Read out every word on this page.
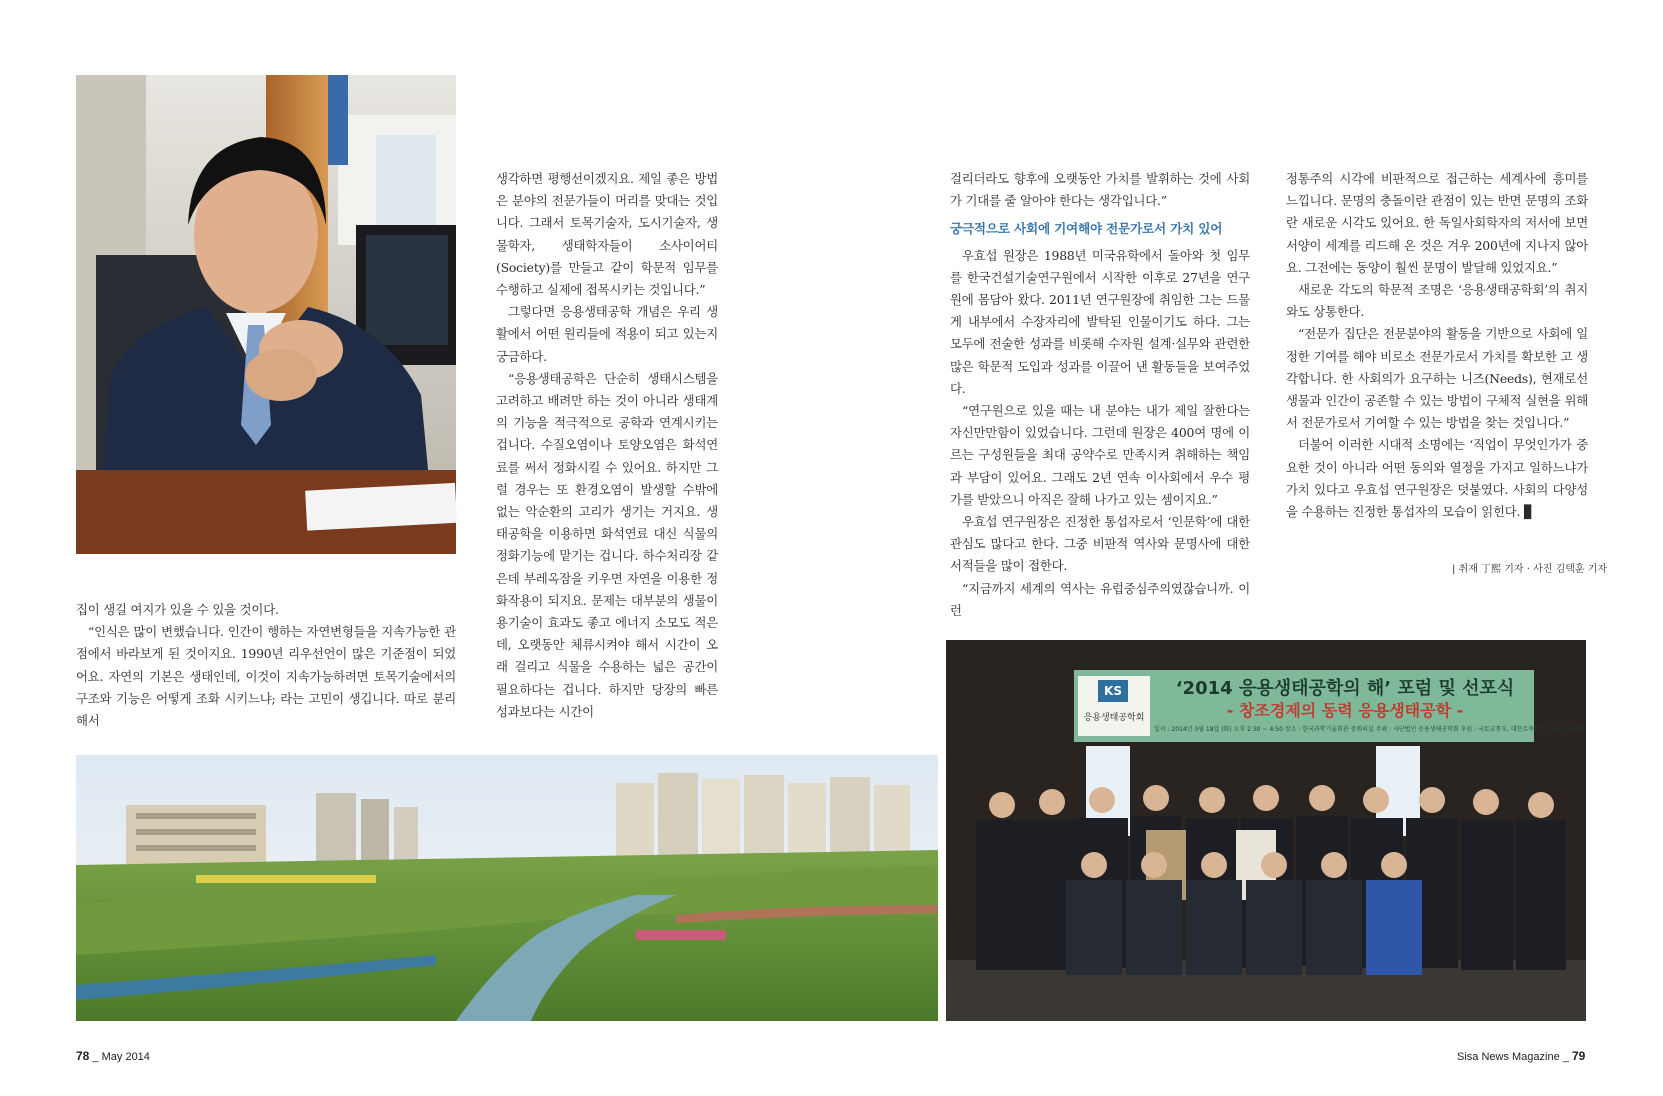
집이 생길 여지가 있을 수 있을 것이다.

“인식은 많이 변했습니다. 인간이 행하는 자연변형들을 지속가능한 관점에서 바라보게 된 것이지요. 1990년 리우선언이 많은 기준점이 되었어요. 자연의 기본은 생태인데, 이것이 지속가능하려면 토목기술에서의 구조와 기능은 어떻게 조화 시키느냐; 라는 고민이 생깁니다. 따로 분리해서

생각하면 평행선이겠지요. 제일 좋은 방법은 분야의 전문가들이 머리를 맞대는 것입니다. 그래서 토목기술자, 도시기술자, 생물학자, 생태학자들이 소사이어티(Society)를 만들고 같이 학문적 임무를 수행하고 실제에 접목시키는 것입니다.”

그렇다면 응용생태공학 개념은 우리 생활에서 어떤 원리들에 적용이 되고 있는지 궁금하다.

“응용생태공학은 단순히 생태시스템을 고려하고 배려만 하는 것이 아니라 생태계의 기능을 적극적으로 공학과 연계시키는 겁니다. 수질오염이나 토양오염은 화석연료를 써서 정화시킬 수 있어요. 하지만 그럴 경우는 또 환경오염이 발생할 수밖에 없는 악순환의 고리가 생기는 거지요. 생태공학을 이용하면 화석연료 대신 식물의 정화기능에 맡기는 겁니다. 하수처리장 같은데 부레옥잠을 키우면 자연을 이용한 정화작용이 되지요. 문제는 대부분의 생물이용기술이 효과도 좋고 에너지 소모도 적은데, 오랫동안 체류시켜야 해서 시간이 오래 걸리고 식물을 수용하는 넓은 공간이 필요하다는 겁니다. 하지만 당장의 빠른 성과보다는 시간이

걸리더라도 향후에 오랫동안 가치를 발휘하는 것에 사회가 기대를 줄 알아야 한다는 생각입니다.”

궁극적으로 사회에 기여해야 전문가로서 가치 있어

우효섭 원장은 1988년 미국유학에서 돌아와 첫 임무를 한국건설기술연구원에서 시작한 이후로 27년을 연구원에 몸담아 왔다. 2011년 연구원장에 취임한 그는 드물게 내부에서 수장자리에 발탁된 인물이기도 하다. 그는 모두에 전술한 성과를 비롯해 수자원 설계·실무와 관련한 많은 학문적 도입과 성과를 이끌어 낸 활동들을 보여주었다.

“연구원으로 있을 때는 내 분야는 내가 제일 잘한다는 자신만만함이 있었습니다. 그런데 원장은 400여 명에 이르는 구성원들을 최대 공약수로 만족시켜 취해하는 책임과 부담이 있어요. 그래도 2년 연속 이사회에서 우수 평가를 받았으니 아직은 잘해 나가고 있는 셈이지요.”

우효섭 연구원장은 진정한 통섭자로서 ‘인문학’에 대한 관심도 많다고 한다. 그중 비판적 역사와 문명사에 대한 서적들을 많이 접한다.

“지금까지 세계의 역사는 유럽중심주의였잖습니까. 이런

정통주의 시각에 비판적으로 접근하는 세계사에 흥미를 느낍니다. 문명의 충돌이란 관점이 있는 반면 문명의 조화란 새로운 시각도 있어요. 한 독일사회학자의 저서에 보면 서양이 세계를 리드해 온 것은 겨우 200년에 지나지 않아요. 그전에는 동양이 훨씬 문명이 발달해 있었지요.”

새로운 각도의 학문적 조명은 ‘응용생태공학회’의 취지와도 상통한다.

“전문가 집단은 전문분야의 활동을 기반으로 사회에 일정한 기여를 해야 비로소 전문가로서 가치를 확보한 고 생각합니다. 한 사회의가 요구하는 니즈(Needs), 현재로선 생물과 인간이 공존할 수 있는 방법이 구체적 실현을 위해서 전문가로서 기여할 수 있는 방법을 찾는 것입니다.”

더불어 이러한 시대적 소명에는 ‘직업이 무엇인가가 중요한 것이 아니라 어떤 동의와 열정을 가지고 일하느냐가 가치 있다고 우효섭 연구원장은 덧붙였다. 사회의 다양성을 수용하는 진정한 통섭자의 모습이 읽힌다. ▊

| 취재 丁熙 기자 · 사진 김택훈 기자
KS
응용생태공학회
‘2014 응용생태공학의 해’ 포럼 및 선포식
- 창조경제의 동력 응용생태공학 -
일시 : 2014년 3월 18일 (화) 오후 2:30 ~ 4:50 장소 : 한국과학기술회관 중회의실 주최 : 사단법인 응용생태공학회 후원 : 국토교통부, 대한토목학회, 한국생태학회
78 _ May 2014	Sisa News Magazine _ 79
